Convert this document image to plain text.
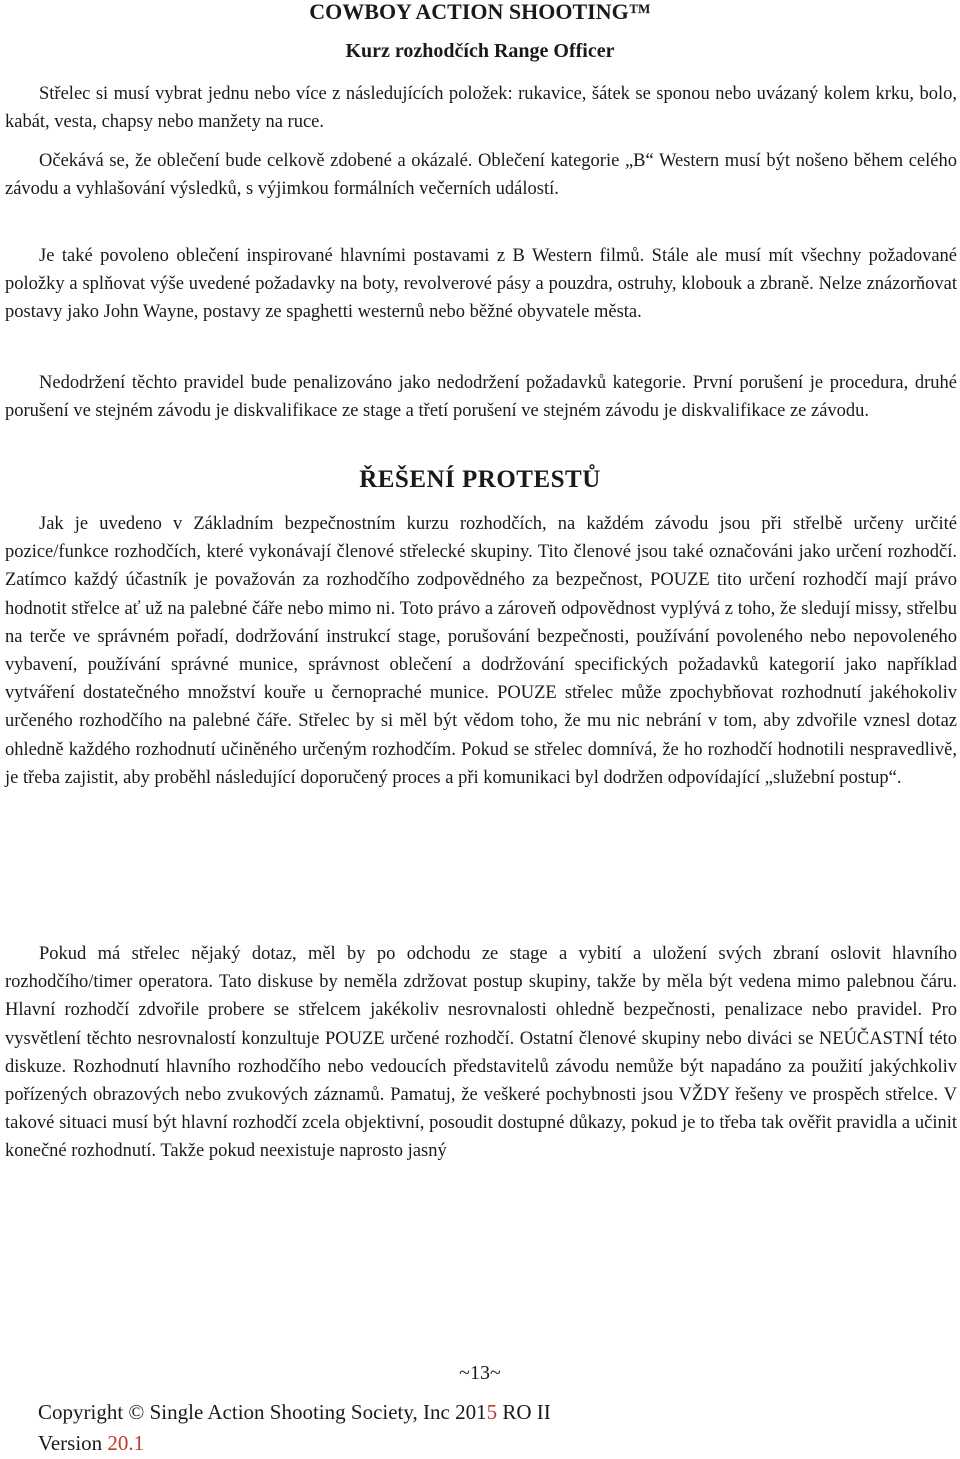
COWBOY ACTION SHOOTING™
Kurz rozhodčích Range Officer
Střelec si musí vybrat jednu nebo více z následujících položek: rukavice, šátek se sponou nebo uvázaný kolem krku, bolo, kabát, vesta, chapsy nebo manžety na ruce.
Očekává se, že oblečení bude celkově zdobené a okázalé. Oblečení kategorie „B“ Western musí být nošeno během celého závodu a vyhlašování výsledků, s výjimkou formálních večerních událostí.
Je také povoleno oblečení inspirované hlavními postavami z B Western filmů. Stále ale musí mít všechny požadované položky a splňovat výše uvedené požadavky na boty, revolverové pásy a pouzdra, ostruhy, klobouk a zbraně. Nelze znázorňovat postavy jako John Wayne, postavy ze spaghetti westernů nebo běžné obyvatele města.
Nedodržení těchto pravidel bude penalizováno jako nedodržení požadavků kategorie. První porušení je procedura, druhé porušení ve stejném závodu je diskvalifikace ze stage a třetí porušení ve stejném závodu je diskvalifikace ze závodu.
ŘEŠENÍ PROTESTŮ
Jak je uvedeno v Základním bezpečnostním kurzu rozhodčích, na každém závodu jsou při střelbě určeny určité pozice/funkce rozhodčích, které vykonávají členové střelecké skupiny. Tito členové jsou také označováni jako určení rozhodčí. Zatímco každý účastník je považován za rozhodčího zodpovědného za bezpečnost, POUZE tito určení rozhodčí mají právo hodnotit střelce ať už na palebné čáře nebo mimo ni. Toto právo a zároveň odpovědnost vyplývá z toho, že sledují missy, střelbu na terče ve správném pořadí, dodržování instrukcí stage, porušování bezpečnosti, používání povoleného nebo nepovoleného vybavení, používání správné munice, správnost oblečení a dodržování specifických požadavků kategorií jako například vytváření dostatečného množství kouře u černopraché munice. POUZE střelec může zpochybňovat rozhodnutí jakéhokoliv určeného rozhodčího na palebné čáře. Střelec by si měl být vědom toho, že mu nic nebrání v tom, aby zdvořile vznesl dotaz ohledně každého rozhodnutí učiněného určeným rozhodčím. Pokud se střelec domnívá, že ho rozhodčí hodnotili nespravedlivě, je třeba zajistit, aby proběhl následující doporučený proces a při komunikaci byl dodržen odpovídající „služební postup“.
Pokud má střelec nějaký dotaz, měl by po odchodu ze stage a vybití a uložení svých zbraní oslovit hlavního rozhodčího/timer operatora. Tato diskuse by neměla zdržovat postup skupiny, takže by měla být vedena mimo palebnou čáru. Hlavní rozhodčí zdvořile probere se střelcem jakékoliv nesrovnalosti ohledně bezpečnosti, penalizace nebo pravidel. Pro vysvětlení těchto nesrovnalostí konzultuje POUZE určené rozhodčí. Ostatní členové skupiny nebo diváci se NEÚČASTNÍ této diskuze. Rozhodnutí hlavního rozhodčího nebo vedoucích představitelů závodu nemůže být napadáno za použití jakýchkoliv pořízených obrazových nebo zvukových záznamů. Pamatuj, že veškeré pochybnosti jsou VŽDY řešeny ve prospěch střelce. V takové situaci musí být hlavní rozhodčí zcela objektivní, posoudit dostupné důkazy, pokud je to třeba tak ověřit pravidla a učinit konečné rozhodnutí. Takže pokud neexistuje naprosto jasný
~13~
Copyright © Single Action Shooting Society, Inc 2015 RO II
Version 20.1
